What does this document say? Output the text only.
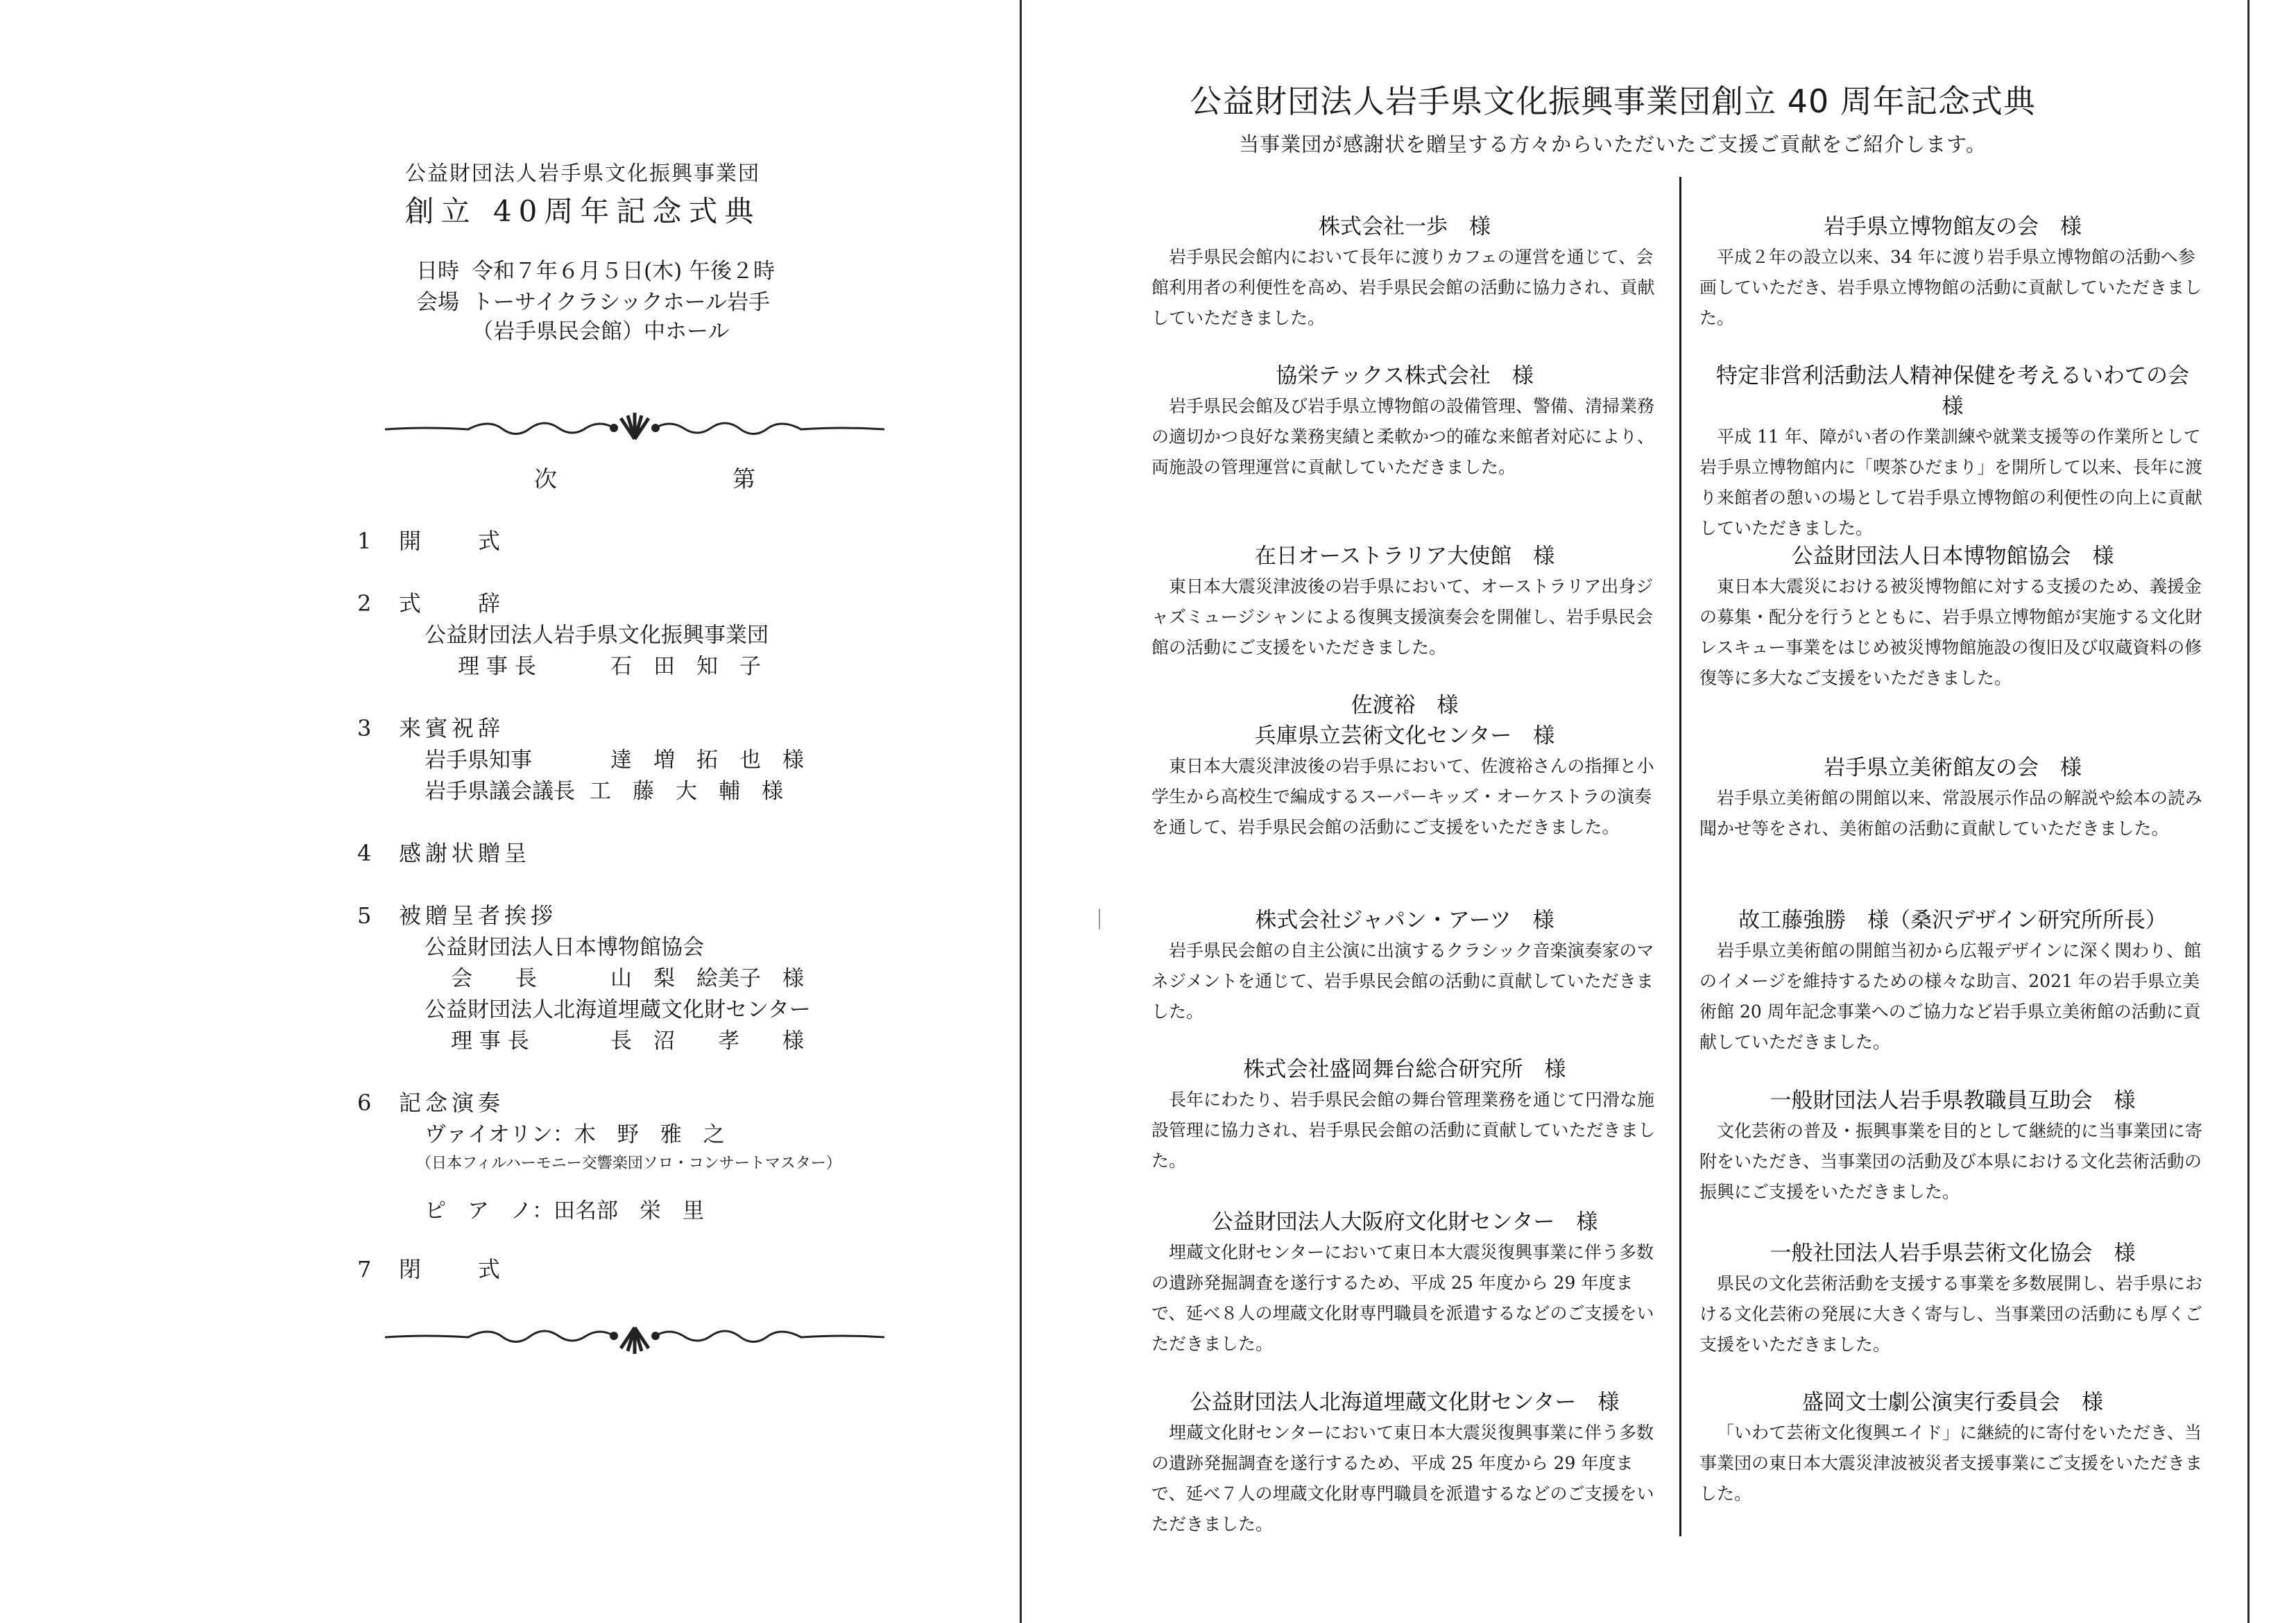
公益財団法人岩手県文化振興事業団
創立 40周年記念式典
日時 令和７年６月５日(木) 午後２時
会場 トーサイクラシックホール岩手
（岩手県民会館）中ホール
次　第
1 開　　式
2 式　　辞
公益財団法人岩手県文化振興事業団
理 事 長	石　田　知　子
3 来賓祝辞
岩手県知事	達　増　拓　也　様
岩手県議会議長 工　藤　大　輔　様
4 感謝状贈呈
5 被贈呈者挨拶
公益財団法人日本博物館協会
会　　長	山　梨　絵美子　様
公益財団法人北海道埋蔵文化財センター
理 事 長	長　沼　　孝　　様
6 記念演奏
ヴァイオリン：木　野　雅　之
（日本フィルハーモニー交響楽団ソロ・コンサートマスター）
ピ　ア　ノ：田名部　栄　里
7 閉　　式
公益財団法人岩手県文化振興事業団創立 40 周年記念式典
当事業団が感謝状を贈呈する方々からいただいたご支援ご貢献をご紹介します。
株式会社一歩　様
岩手県民会館内において長年に渡りカフェの運営を通じて、会館利用者の利便性を高め、岩手県民会館の活動に協力され、貢献していただきました。
協栄テックス株式会社　様
岩手県民会館及び岩手県立博物館の設備管理、警備、清掃業務の適切かつ良好な業務実績と柔軟かつ的確な来館者対応により、両施設の管理運営に貢献していただきました。
在日オーストラリア大使館　様
東日本大震災津波後の岩手県において、オーストラリア出身ジャズミュージシャンによる復興支援演奏会を開催し、岩手県民会館の活動にご支援をいただきました。
佐渡裕　様
兵庫県立芸術文化センター　様
東日本大震災津波後の岩手県において、佐渡裕さんの指揮と小学生から高校生で編成するスーパーキッズ・オーケストラの演奏を通して、岩手県民会館の活動にご支援をいただきました。
株式会社ジャパン・アーツ　様
岩手県民会館の自主公演に出演するクラシック音楽演奏家のマネジメントを通じて、岩手県民会館の活動に貢献していただきました。
株式会社盛岡舞台総合研究所　様
長年にわたり、岩手県民会館の舞台管理業務を通じて円滑な施設管理に協力され、岩手県民会館の活動に貢献していただきました。
公益財団法人大阪府文化財センター　様
埋蔵文化財センターにおいて東日本大震災復興事業に伴う多数の遺跡発掘調査を遂行するため、平成 25 年度から 29 年度まで、延べ８人の埋蔵文化財専門職員を派遣するなどのご支援をいただきました。
公益財団法人北海道埋蔵文化財センター　様
埋蔵文化財センターにおいて東日本大震災復興事業に伴う多数の遺跡発掘調査を遂行するため、平成 25 年度から 29 年度まで、延べ７人の埋蔵文化財専門職員を派遣するなどのご支援をいただきました。
岩手県立博物館友の会　様
平成２年の設立以来、34 年に渡り岩手県立博物館の活動へ参画していただき、岩手県立博物館の活動に貢献していただきました。
特定非営利活動法人精神保健を考えるいわての会　様
平成 11 年、障がい者の作業訓練や就業支援等の作業所として岩手県立博物館内に「喫茶ひだまり」を開所して以来、長年に渡り来館者の憩いの場として岩手県立博物館の利便性の向上に貢献していただきました。
公益財団法人日本博物館協会　様
東日本大震災における被災博物館に対する支援のため、義援金の募集・配分を行うとともに、岩手県立博物館が実施する文化財レスキュー事業をはじめ被災博物館施設の復旧及び収蔵資料の修復等に多大なご支援をいただきました。
岩手県立美術館友の会　様
岩手県立美術館の開館以来、常設展示作品の解説や絵本の読み聞かせ等をされ、美術館の活動に貢献していただきました。
故工藤強勝　様（桑沢デザイン研究所所長）
岩手県立美術館の開館当初から広報デザインに深く関わり、館のイメージを維持するための様々な助言、2021 年の岩手県立美術館 20 周年記念事業へのご協力など岩手県立美術館の活動に貢献していただきました。
一般財団法人岩手県教職員互助会　様
文化芸術の普及・振興事業を目的として継続的に当事業団に寄附をいただき、当事業団の活動及び本県における文化芸術活動の振興にご支援をいただきました。
一般社団法人岩手県芸術文化協会　様
県民の文化芸術活動を支援する事業を多数展開し、岩手県における文化芸術の発展に大きく寄与し、当事業団の活動にも厚くご支援をいただきました。
盛岡文士劇公演実行委員会　様
「いわて芸術文化復興エイド」に継続的に寄付をいただき、当事業団の東日本大震災津波被災者支援事業にご支援をいただきました。
